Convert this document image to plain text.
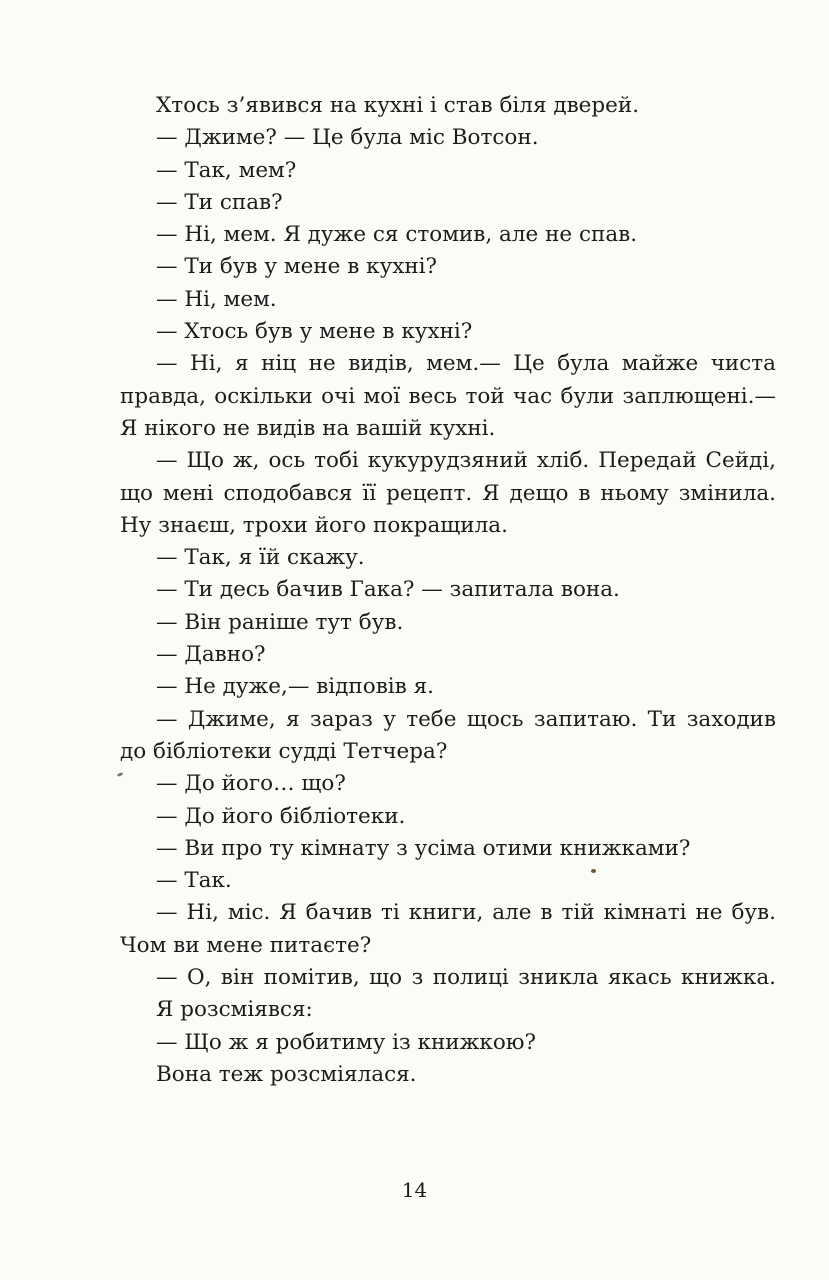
Хтось з’явився на кухні і став біля дверей.
— Джиме? — Це була міс Вотсон.
— Так, мем?
— Ти спав?
— Ні, мем. Я дуже ся стомив, але не спав.
— Ти був у мене в кухні?
— Ні, мем.
— Хтось був у мене в кухні?
— Ні, я ніц не видів, мем.— Це була майже чиста
правда, оскільки очі мої весь той час були заплющені.—
Я нікого не видів на вашій кухні.
— Що ж, ось тобі кукурудзяний хліб. Передай Сейді,
що мені сподобався її рецепт. Я дещо в ньому змінила.
Ну знаєш, трохи його покращила.
— Так, я їй скажу.
— Ти десь бачив Гака? — запитала вона.
— Він раніше тут був.
— Давно?
— Не дуже,— відповів я.
— Джиме, я зараз у тебе щось запитаю. Ти заходив
до бібліотеки судді Тетчера?
— До його… що?
— До його бібліотеки.
— Ви про ту кімнату з усіма отими книжками?
— Так.
— Ні, міс. Я бачив ті книги, але в тій кімнаті не був.
Чом ви мене питаєте?
— О, він помітив, що з полиці зникла якась книжка.
Я розсміявся:
— Що ж я робитиму із книжкою?
Вона теж розсміялася.
14
